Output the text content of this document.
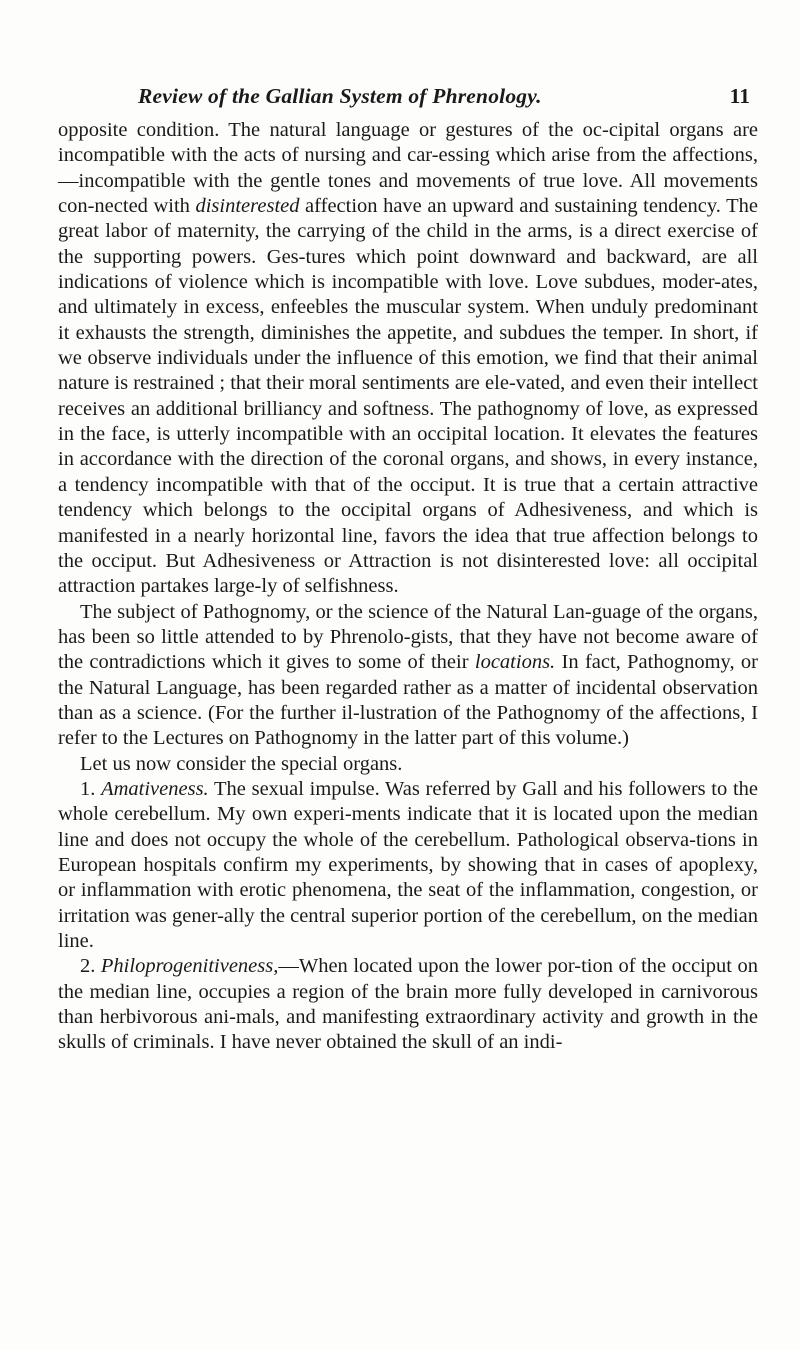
Review of the Gallian System of Phrenology.	11

opposite condition. The natural language or gestures of the oc-cipital organs are incompatible with the acts of nursing and car-essing which arise from the affections,—incompatible with the gentle tones and movements of true love. All movements con-nected with disinterested affection have an upward and sustaining tendency. The great labor of maternity, the carrying of the child in the arms, is a direct exercise of the supporting powers. Ges-tures which point downward and backward, are all indications of violence which is incompatible with love. Love subdues, moder-ates, and ultimately in excess, enfeebles the muscular system. When unduly predominant it exhausts the strength, diminishes the appetite, and subdues the temper. In short, if we observe individuals under the influence of this emotion, we find that their animal nature is restrained ; that their moral sentiments are ele-vated, and even their intellect receives an additional brilliancy and softness. The pathognomy of love, as expressed in the face, is utterly incompatible with an occipital location. It elevates the features in accordance with the direction of the coronal organs, and shows, in every instance, a tendency incompatible with that of the occiput. It is true that a certain attractive tendency which belongs to the occipital organs of Adhesiveness, and which is manifested in a nearly horizontal line, favors the idea that true affection belongs to the occiput. But Adhesiveness or Attraction is not disinterested love: all occipital attraction partakes large-ly of selfishness.

The subject of Pathognomy, or the science of the Natural Lan-guage of the organs, has been so little attended to by Phrenolo-gists, that they have not become aware of the contradictions which it gives to some of their locations. In fact, Pathognomy, or the Natural Language, has been regarded rather as a matter of incidental observation than as a science. (For the further il-lustration of the Pathognomy of the affections, I refer to the Lectures on Pathognomy in the latter part of this volume.)

Let us now consider the special organs.

1. Amativeness. The sexual impulse. Was referred by Gall and his followers to the whole cerebellum. My own experi-ments indicate that it is located upon the median line and does not occupy the whole of the cerebellum. Pathological observa-tions in European hospitals confirm my experiments, by showing that in cases of apoplexy, or inflammation with erotic phenomena, the seat of the inflammation, congestion, or irritation was gener-ally the central superior portion of the cerebellum, on the median line.

2. Philoprogenitiveness,—When located upon the lower por-tion of the occiput on the median line, occupies a region of the brain more fully developed in carnivorous than herbivorous ani-mals, and manifesting extraordinary activity and growth in the skulls of criminals. I have never obtained the skull of an indi-
